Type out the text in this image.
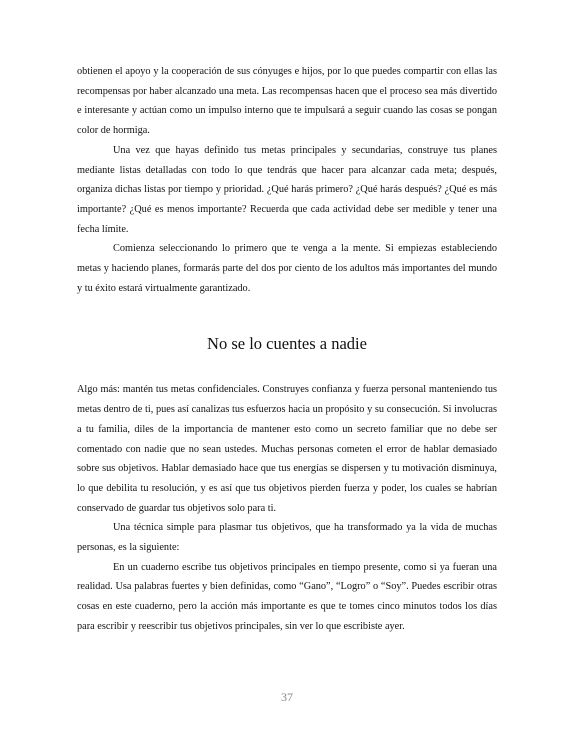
obtienen el apoyo y la cooperación de sus cónyuges e hijos, por lo que puedes compartir con ellas las recompensas por haber alcanzado una meta. Las recompensas hacen que el proceso sea más divertido e interesante y actúan como un impulso interno que te impulsará a seguir cuando las cosas se pongan color de hormiga.

Una vez que hayas definido tus metas principales y secundarias, construye tus planes mediante listas detalladas con todo lo que tendrás que hacer para alcanzar cada meta; después, organiza dichas listas por tiempo y prioridad. ¿Qué harás primero? ¿Qué harás después? ¿Qué es más importante? ¿Qué es menos importante? Recuerda que cada actividad debe ser medible y tener una fecha límite.

Comienza seleccionando lo primero que te venga a la mente. Si empiezas estableciendo metas y haciendo planes, formarás parte del dos por ciento de los adultos más importantes del mundo y tu éxito estará virtualmente garantizado.

No se lo cuentes a nadie

Algo más: mantén tus metas confidenciales. Construyes confianza y fuerza personal manteniendo tus metas dentro de ti, pues así canalizas tus esfuerzos hacia un propósito y su consecución. Si involucras a tu familia, diles de la importancia de mantener esto como un secreto familiar que no debe ser comentado con nadie que no sean ustedes. Muchas personas cometen el error de hablar demasiado sobre sus objetivos. Hablar demasiado hace que tus energías se dispersen y tu motivación disminuya, lo que debilita tu resolución, y es así que tus objetivos pierden fuerza y poder, los cuales se habrían conservado de guardar tus objetivos solo para ti.

Una técnica simple para plasmar tus objetivos, que ha transformado ya la vida de muchas personas, es la siguiente:

En un cuaderno escribe tus objetivos principales en tiempo presente, como si ya fueran una realidad. Usa palabras fuertes y bien definidas, como “Gano”, “Logro” o “Soy”. Puedes escribir otras cosas en este cuaderno, pero la acción más importante es que te tomes cinco minutos todos los días para escribir y reescribir tus objetivos principales, sin ver lo que escribiste ayer.

37
